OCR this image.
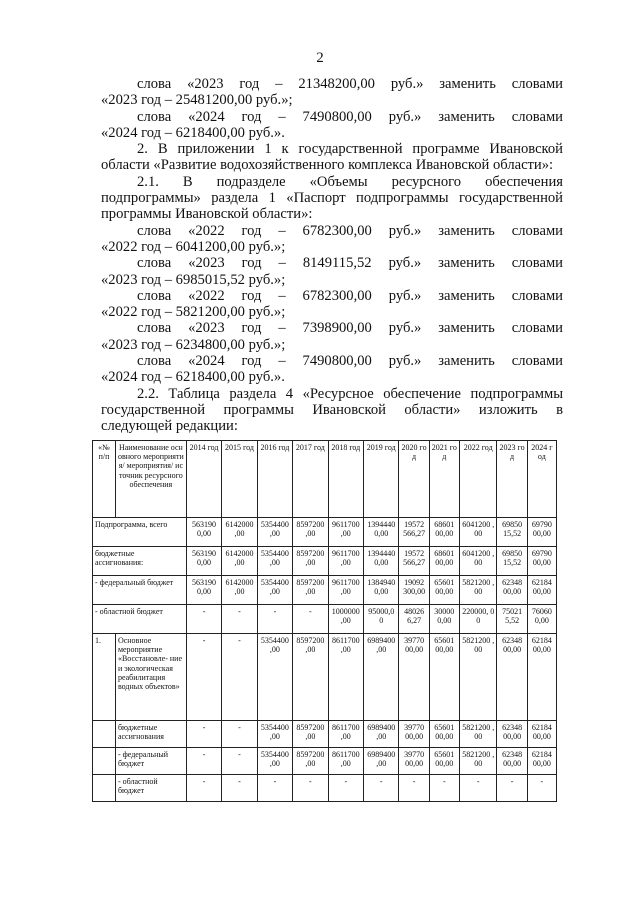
2

слова «2023 год – 21348200,00 руб.» заменить словами

«2023 год – 25481200,00 руб.»;

слова «2024 год – 7490800,00 руб.» заменить словами

«2024 год – 6218400,00 руб.».

2. В приложении 1 к государственной программе Ивановской

области «Развитие водохозяйственного комплекса Ивановской области»:

2.1. В подразделе «Объемы ресурсного обеспечения

подпрограммы» раздела 1 «Паспорт подпрограммы государственной

программы Ивановской области»:

слова «2022 год – 6782300,00 руб.» заменить словами

«2022 год – 6041200,00 руб.»;

слова «2023 год – 8149115,52 руб.» заменить словами

«2023 год – 6985015,52 руб.»;

слова «2022 год – 6782300,00 руб.» заменить словами

«2022 год – 5821200,00 руб.»;

слова «2023 год – 7398900,00 руб.» заменить словами

«2023 год – 6234800,00 руб.»;

слова «2024 год – 7490800,00 руб.» заменить словами

«2024 год – 6218400,00 руб.».

2.2. Таблица раздела 4 «Ресурсное обеспечение подпрограммы

государственной программы Ивановской области» изложить в

следующей редакции:

«№ п/п	Наименование основного мероприятия/ мероприятия/ источник ресурсного обеспечения	2014 год	2015 год	2016 год	2017 год	2018 год	2019 год	2020 год	2021 год	2022 год	2023 год	2024 год
Подпрограмма, всего		563190 0,00	6142000 ,00	5354400 ,00	8597200 ,00	9611700 ,00	1394440 0,00	19572 566,27	68601 00,00	6041200 ,00	69850 15,52	69790 00,00
бюджетные ассигнования:		563190 0,00	6142000 ,00	5354400 ,00	8597200 ,00	9611700 ,00	1394440 0,00	19572 566,27	68601 00,00	6041200 ,00	69850 15,52	69790 00,00
- федеральный бюджет		563190 0,00	6142000 ,00	5354400 ,00	8597200 ,00	9611700 ,00	1384940 0,00	19092 300,00	65601 00,00	5821200 ,00	62348 00,00	62184 00,00
- областной бюджет		-	-	-	-	1000000 ,00	95000,0 0	48026 6,27	30000 0,00	220000, 00	75021 5,52	76060 0,00
1.	Основное мероприятие «Восстановле- ние и экологическая реабилитация водных объектов»	-	-	5354400 ,00	8597200 ,00	8611700 ,00	6989400 ,00	39770 00,00	65601 00,00	5821200 ,00	62348 00,00	62184 00,00
	бюджетные ассигнования	-	-	5354400 ,00	8597200 ,00	8611700 ,00	6989400 ,00	39770 00,00	65601 00,00	5821200 ,00	62348 00,00	62184 00,00
	- федеральный бюджет	-	-	5354400 ,00	8597200 ,00	8611700 ,00	6989400 ,00	39770 00,00	65601 00,00	5821200 ,00	62348 00,00	62184 00,00
	- областной бюджет	-	-	-	-	-	-	-	-	-	-	-
